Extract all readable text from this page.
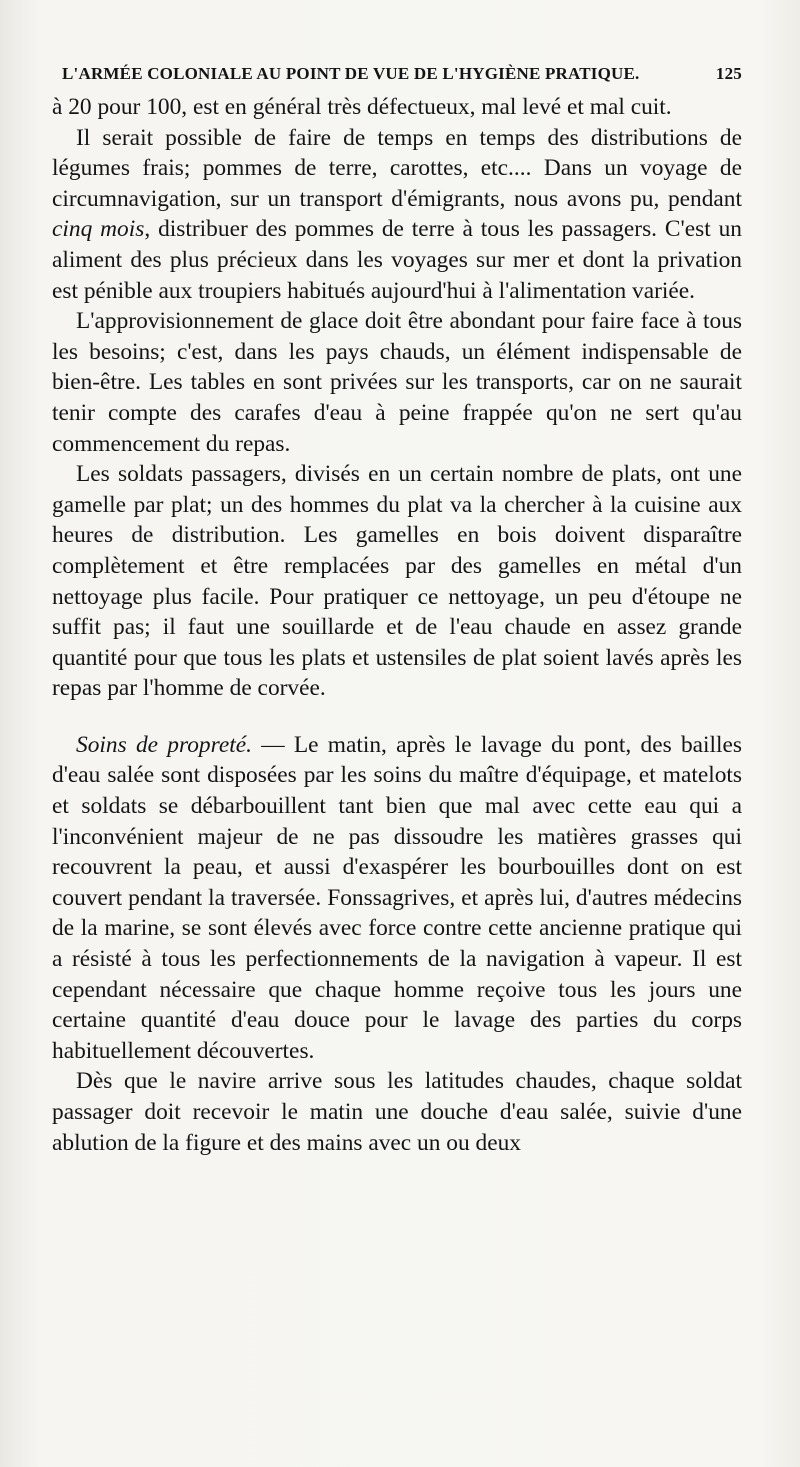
L'ARMÉE COLONIALE AU POINT DE VUE DE L'HYGIÈNE PRATIQUE.	125

à 20 pour 100, est en général très défectueux, mal levé et mal cuit.

Il serait possible de faire de temps en temps des distributions de légumes frais; pommes de terre, carottes, etc.... Dans un voyage de circumnavigation, sur un transport d'émigrants, nous avons pu, pendant cinq mois, distribuer des pommes de terre à tous les passagers. C'est un aliment des plus précieux dans les voyages sur mer et dont la privation est pénible aux troupiers habitués aujourd'hui à l'alimentation variée.

L'approvisionnement de glace doit être abondant pour faire face à tous les besoins; c'est, dans les pays chauds, un élément indispensable de bien-être. Les tables en sont privées sur les transports, car on ne saurait tenir compte des carafes d'eau à peine frappée qu'on ne sert qu'au commencement du repas.

Les soldats passagers, divisés en un certain nombre de plats, ont une gamelle par plat; un des hommes du plat va la chercher à la cuisine aux heures de distribution. Les gamelles en bois doivent disparaître complètement et être remplacées par des gamelles en métal d'un nettoyage plus facile. Pour pratiquer ce nettoyage, un peu d'étoupe ne suffit pas; il faut une souillarde et de l'eau chaude en assez grande quantité pour que tous les plats et ustensiles de plat soient lavés après les repas par l'homme de corvée.

Soins de propreté. — Le matin, après le lavage du pont, des bailles d'eau salée sont disposées par les soins du maître d'équipage, et matelots et soldats se débarbouillent tant bien que mal avec cette eau qui a l'inconvénient majeur de ne pas dissoudre les matières grasses qui recouvrent la peau, et aussi d'exaspérer les bourbouilles dont on est couvert pendant la traversée. Fonssagrives, et après lui, d'autres médecins de la marine, se sont élevés avec force contre cette ancienne pratique qui a résisté à tous les perfectionnements de la navigation à vapeur. Il est cependant nécessaire que chaque homme reçoive tous les jours une certaine quantité d'eau douce pour le lavage des parties du corps habituellement découvertes.

Dès que le navire arrive sous les latitudes chaudes, chaque soldat passager doit recevoir le matin une douche d'eau salée, suivie d'une ablution de la figure et des mains avec un ou deux
